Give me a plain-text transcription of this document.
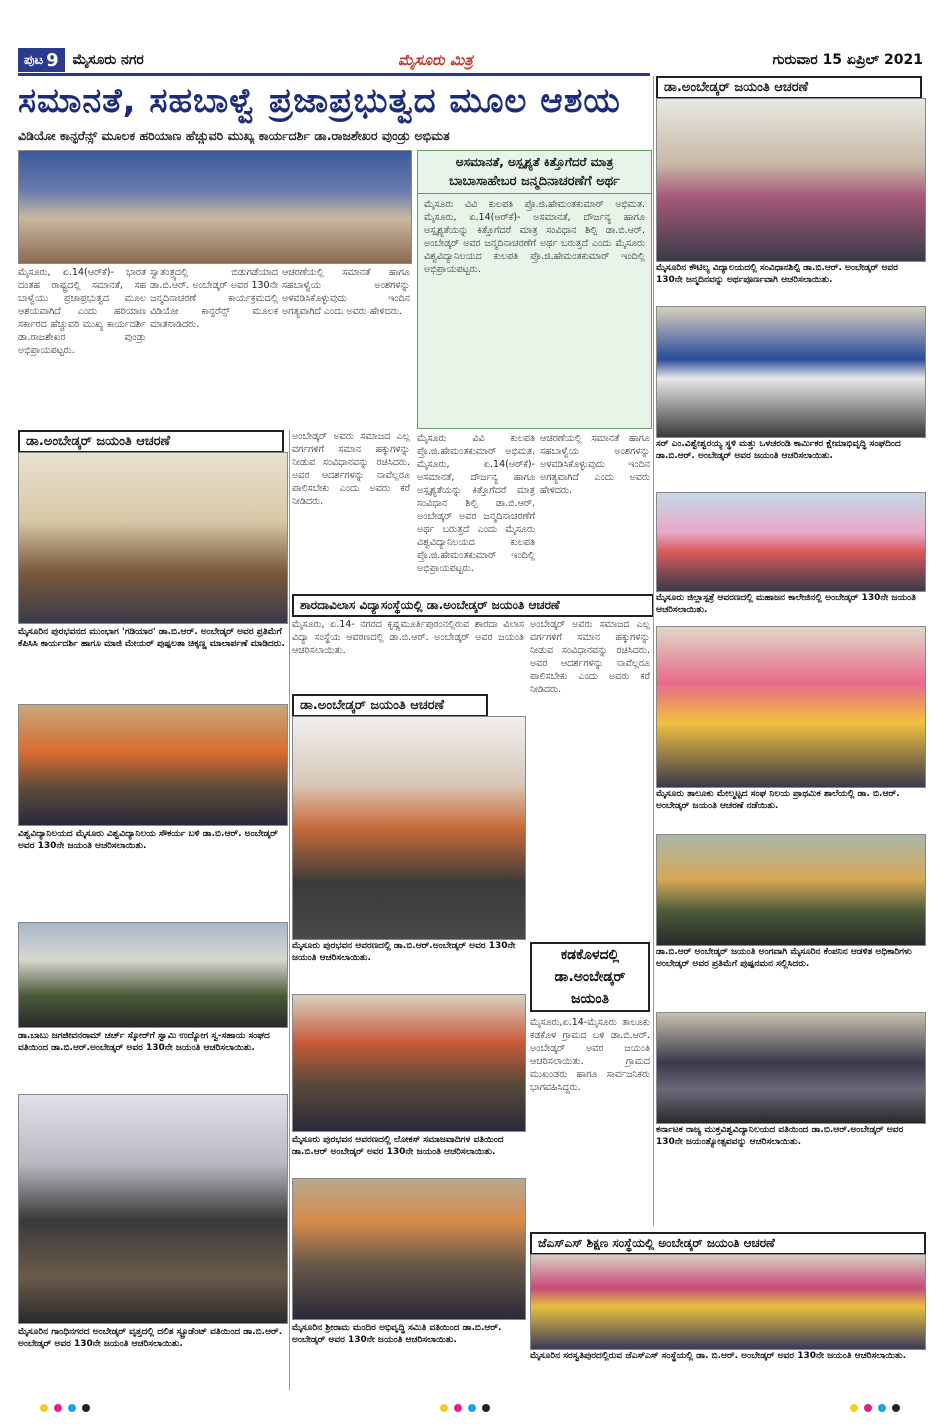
ಪುಟ 9 ಮೈಸೂರು ನಗರ	ಮೈಸೂರು ಮಿತ್ರ	ಗುರುವಾರ 15 ಏಪ್ರಿಲ್ 2021
ಸಮಾನತೆ, ಸಹಬಾಳ್ವೆ ಪ್ರಜಾಪ್ರಭುತ್ವದ ಮೂಲ ಆಶಯ
ವಿಡಿಯೋ ಕಾನ್ಫರೆನ್ಸ್ ಮೂಲಕ ಹರಿಯಾಣ ಹೆಚ್ಚುವರಿ ಮುಖ್ಯ ಕಾರ್ಯದರ್ಶಿ ಡಾ.ರಾಜಶೇಖರ ವುಂಡ್ರು ಅಭಿಮತ
ಮೈಸೂರು, ಏ.14(ಆರ್‌ಕೆ)- ಭಾರತ ದಂತಹ ರಾಷ್ಟ್ರದಲ್ಲಿ ಸಮಾನತೆ, ಸಹ ಬಾಳ್ವೆಯು ಪ್ರಜಾಪ್ರಭುತ್ವದ ಮೂಲ ಆಶಯವಾಗಿದೆ ಎಂದು ಹರಿಯಾಣ ಸರ್ಕಾರದ ಹೆಚ್ಚುವರಿ ಮುಖ್ಯ ಕಾರ್ಯದರ್ಶಿ ಡಾ.ರಾಜಶೇಖರ ವುಂಡ್ರು ಅಭಿಪ್ರಾಯಪಟ್ಟರು.
ಸ್ವಾತಂತ್ರ್ಯದಲ್ಲಿ ಬಿಡುಗಡೆಯಾದ ಡಾ.ಬಿ.ಆರ್. ಅಂಬೇಡ್ಕರ್ ಅವರ 130ನೇ ಜನ್ಮದಿನಾಚರಣೆ ಕಾರ್ಯಕ್ರಮದಲ್ಲಿ ವಿಡಿಯೋ ಕಾನ್ಫರೆನ್ಸ್ ಮೂಲಕ ಮಾತನಾಡಿದರು.
ಆಚರಣೆಯಲ್ಲಿ ಸಮಾನತೆ ಹಾಗೂ ಸಹಬಾಳ್ವೆಯ ಅಂಶಗಳನ್ನು ಅಳವಡಿಸಿಕೊಳ್ಳುವುದು ಇಂದಿನ ಅಗತ್ಯವಾಗಿದೆ ಎಂದು ಅವರು ಹೇಳಿದರು.
ಅಸಮಾನತೆ, ಅಸ್ಪೃಶ್ಯತೆ ಕಿತ್ತೊಗೆದರೆ ಮಾತ್ರ
ಬಾಬಾಸಾಹೇಬರ ಜನ್ಮದಿನಾಚರಣೆಗೆ ಅರ್ಥ
ಮೈಸೂರು ವಿವಿ ಕುಲಪತಿ ಪ್ರೊ.ಜಿ.ಹೇಮಂತಕುಮಾರ್ ಅಭಿಮತ. ಮೈಸೂರು, ಏ.14(ಆರ್‌ಕೆ)- ಅಸಮಾನತೆ, ದೌರ್ಜನ್ಯ ಹಾಗೂ ಅಸ್ಪೃಶ್ಯತೆಯನ್ನು ಕಿತ್ತೊಗೆದರೆ ಮಾತ್ರ ಸಂವಿಧಾನ ಶಿಲ್ಪಿ ಡಾ.ಬಿ.ಆರ್. ಅಂಬೇಡ್ಕರ್ ಅವರ ಜನ್ಮದಿನಾಚರಣೆಗೆ ಅರ್ಥ ಬರುತ್ತದೆ ಎಂದು ಮೈಸೂರು ವಿಶ್ವವಿದ್ಯಾನಿಲಯದ ಕುಲಪತಿ ಪ್ರೊ.ಜಿ.ಹೇಮಂತಕುಮಾರ್ ಇಂದಿಲ್ಲಿ ಅಭಿಪ್ರಾಯಪಟ್ಟರು.
ಡಾ.ಅಂಬೇಡ್ಕರ್ ಜಯಂತಿ ಆಚರಣೆ
ಮೈಸೂರಿನ ಪುರಭವನದ ಮುಂಭಾಗ 'ಗಡಿಯಾರ' ಡಾ.ಬಿ.ಆರ್. ಅಂಬೇಡ್ಕರ್ ಅವರ ಪ್ರತಿಮೆಗೆ ಕೆಪಿಸಿಸಿ ಕಾರ್ಯದರ್ಶಿ ಹಾಗೂ ಮಾಜಿ ಮೇಯರ್ ಪುಷ್ಪಲತಾ ಚಿಕ್ಕಣ್ಣ ಮಾಲಾರ್ಪಣೆ ಮಾಡಿದರು.
ವಿಶ್ವವಿದ್ಯಾನಿಲಯದ ಮೈಸೂರು ವಿಶ್ವವಿದ್ಯಾನಿಲಯ ಸೌಕರ್ಯ ಬಳಿ ಡಾ.ಬಿ.ಆರ್. ಅಂಬೇಡ್ಕರ್ ಅವರ 130ನೇ ಜಯಂತಿ ಆಚರಿಸಲಾಯಿತು.
ಡಾ.ಬಾಬು ಜಗಜೀವನರಾಮ್ ಚರ್ಚ್ ಸ್ಕೋರ್‌ಗೆ ಸ್ವಾಮಿ ಉದ್ಯೋಗ ಸ್ವ-ಸಹಾಯ ಸಂಘದ ವತಿಯಿಂದ ಡಾ.ಬಿ.ಆರ್.ಅಂಬೇಡ್ಕರ್ ಅವರ 130ನೇ ಜಯಂತಿ ಆಚರಿಸಲಾಯಿತು.
ಮೈಸೂರಿನ ಗಾಂಧಿನಗರದ ಅಂಬೇಡ್ಕರ್ ವೃತ್ತದಲ್ಲಿ ದಲಿತ ಸ್ಟ್ರೂಡೆಂಟ್ ವತಿಯಿಂದ ಡಾ.ಬಿ.ಆರ್. ಅಂಬೇಡ್ಕರ್ ಅವರ 130ನೇ ಜಯಂತಿ ಆಚರಿಸಲಾಯಿತು.
ಅಂಬೇಡ್ಕರ್ ಅವರು ಸಮಾಜದ ಎಲ್ಲ ವರ್ಗಗಳಿಗೆ ಸಮಾನ ಹಕ್ಕುಗಳನ್ನು ನೀಡುವ ಸಂವಿಧಾನವನ್ನು ರಚಿಸಿದರು. ಅವರ ಆದರ್ಶಗಳನ್ನು ನಾವೆಲ್ಲರೂ ಪಾಲಿಸಬೇಕು ಎಂದು ಅವರು ಕರೆ ನೀಡಿದರು.
ಮೈಸೂರು ವಿವಿ ಕುಲಪತಿ ಪ್ರೊ.ಜಿ.ಹೇಮಂತಕುಮಾರ್ ಅಭಿಮತ. ಮೈಸೂರು, ಏ.14(ಆರ್‌ಕೆ)- ಅಸಮಾನತೆ, ದೌರ್ಜನ್ಯ ಹಾಗೂ ಅಸ್ಪೃಶ್ಯತೆಯನ್ನು ಕಿತ್ತೊಗೆದರೆ ಮಾತ್ರ ಸಂವಿಧಾನ ಶಿಲ್ಪಿ ಡಾ.ಬಿ.ಆರ್. ಅಂಬೇಡ್ಕರ್ ಅವರ ಜನ್ಮದಿನಾಚರಣೆಗೆ ಅರ್ಥ ಬರುತ್ತದೆ ಎಂದು ಮೈಸೂರು ವಿಶ್ವವಿದ್ಯಾನಿಲಯದ ಕುಲಪತಿ ಪ್ರೊ.ಜಿ.ಹೇಮಂತಕುಮಾರ್ ಇಂದಿಲ್ಲಿ ಅಭಿಪ್ರಾಯಪಟ್ಟರು.
ಆಚರಣೆಯಲ್ಲಿ ಸಮಾನತೆ ಹಾಗೂ ಸಹಬಾಳ್ವೆಯ ಅಂಶಗಳನ್ನು ಅಳವಡಿಸಿಕೊಳ್ಳುವುದು ಇಂದಿನ ಅಗತ್ಯವಾಗಿದೆ ಎಂದು ಅವರು ಹೇಳಿದರು.
ಶಾರದಾವಿಲಾಸ ವಿದ್ಯಾಸಂಸ್ಥೆಯಲ್ಲಿ ಡಾ.ಅಂಬೇಡ್ಕರ್ ಜಯಂತಿ ಆಚರಣೆ
ಮೈಸೂರು, ಏ.14- ನಗರದ ಕೃಷ್ಣಮೂರ್ತಿಪುರಂನಲ್ಲಿರುವ ಶಾರದಾ ವಿಲಾಸ ವಿದ್ಯಾ ಸಂಸ್ಥೆಯ ಆವರಣದಲ್ಲಿ ಡಾ.ಬಿ.ಆರ್. ಅಂಬೇಡ್ಕರ್ ಅವರ ಜಯಂತಿ ಆಚರಿಸಲಾಯಿತು.
ಅಂಬೇಡ್ಕರ್ ಅವರು ಸಮಾಜದ ಎಲ್ಲ ವರ್ಗಗಳಿಗೆ ಸಮಾನ ಹಕ್ಕುಗಳನ್ನು ನೀಡುವ ಸಂವಿಧಾನವನ್ನು ರಚಿಸಿದರು. ಅವರ ಆದರ್ಶಗಳನ್ನು ನಾವೆಲ್ಲರೂ ಪಾಲಿಸಬೇಕು ಎಂದು ಅವರು ಕರೆ ನೀಡಿದರು.
ಡಾ.ಅಂಬೇಡ್ಕರ್ ಜಯಂತಿ ಆಚರಣೆ
ಮೈಸೂರು ಪುರಭವನ ಆವರಣದಲ್ಲಿ ಡಾ.ಬಿ.ಆರ್.ಅಂಬೇಡ್ಕರ್ ಅವರ 130ನೇ ಜಯಂತಿ ಆಚರಿಸಲಾಯಿತು.
ಮೈಸೂರು ಪುರಭವನ ಆವರಣದಲ್ಲಿ ಲೋಕಸ್ ಸಮಾಜವಾದಿಗಳ ವತಿಯಿಂದ ಡಾ.ಬಿ.ಆರ್ ಅಂಬೇಡ್ಕರ್ ಅವರ 130ನೇ ಜಯಂತಿ ಆಚರಿಸಲಾಯಿತು.
ಮೈಸೂರಿನ ಶ್ರೀರಾಮ ಮಂದಿರ ಅಭಿವೃದ್ಧಿ ಸಮಿತಿ ವತಿಯಿಂದ ಡಾ.ಬಿ.ಆರ್. ಅಂಬೇಡ್ಕರ್ ಅವರ 130ನೇ ಜಯಂತಿ ಆಚರಿಸಲಾಯಿತು.
ಕಡಕೊಳದಲ್ಲಿ ಡಾ.ಅಂಬೇಡ್ಕರ್ ಜಯಂತಿ
ಮೈಸೂರು,ಏ.14-ಮೈಸೂರು ತಾಲೂಕು ಕಡಕೊಳ ಗ್ರಾಮದ ಬಳಿ ಡಾ.ಬಿ.ಆರ್. ಅಂಬೇಡ್ಕರ್ ಅವರ ಜಯಂತಿ ಆಚರಿಸಲಾಯಿತು. ಗ್ರಾಮದ ಮುಖಂಡರು ಹಾಗೂ ಸಾರ್ವಜನಿಕರು ಭಾಗವಹಿಸಿದ್ದರು.
ಡಾ.ಅಂಬೇಡ್ಕರ್ ಜಯಂತಿ ಆಚರಣೆ
ಮೈಸೂರಿನ ಕೌಟಿಲ್ಯ ವಿದ್ಯಾಲಯದಲ್ಲಿ ಸಂವಿಧಾನಶಿಲ್ಪಿ ಡಾ.ಬಿ.ಆರ್. ಅಂಬೇಡ್ಕರ್ ಅವರ 130ನೇ ಜನ್ಮದಿನವನ್ನು ಅರ್ಥಪೂರ್ಣವಾಗಿ ಆಚರಿಸಲಾಯಿತು.
ಸರ್ ಎಂ.ವಿಶ್ವೇಶ್ವರಯ್ಯ ಸ್ಥಳಿ ಮತ್ತು ಒಳಚರಂಡಿ ಕಾರ್ಮಿಕರ ಕ್ಷೇಮಾಭಿವೃದ್ಧಿ ಸಂಘದಿಂದ ಡಾ.ಬಿ.ಆರ್. ಅಂಬೇಡ್ಕರ್ ಅವರ ಜಯಂತಿ ಆಚರಿಸಲಾಯಿತು.
ಮೈಸೂರು ಜಿಲ್ಲಾಸ್ಪತ್ರೆ ಆವರಣದಲ್ಲಿ ಮಹಾಜನ ಕಾಲೇಜಿನಲ್ಲಿ ಅಂಬೇಡ್ಕರ್ 130ನೇ ಜಯಂತಿ ಆಚರಿಸಲಾಯಿತು.
ಮೈಸೂರು ತಾಲೂಕು ಮೇಲ್ಮಟ್ಟದ ಸಂಘ ನಿಲಯ ಪ್ರಾಥಮಿಕ ಶಾಲೆಯಲ್ಲಿ ಡಾ. ಬಿ.ಆರ್. ಅಂಬೇಡ್ಕರ್ ಜಯಂತಿ ಆಚರಣೆ ನಡೆಯಿತು.
ಡಾ.ಬಿ.ಆರ್ ಅಂಬೇಡ್ಕರ್ ಜಯಂತಿ ಅಂಗವಾಗಿ ಮೈಸೂರಿನ ಕೆಂಪನಿನ ಆಡಳಿತ ಅಧಿಕಾರಿಗಳು ಅಂಬೇಡ್ಕರ್ ಅವರ ಪ್ರತಿಮೆಗೆ ಪುಷ್ಪನಮನ ಸಲ್ಲಿಸಿದರು.
ಕರ್ನಾಟಕ ರಾಜ್ಯ ಮುಕ್ತವಿಶ್ವವಿದ್ಯಾನಿಲಯದ ವತಿಯಿಂದ ಡಾ.ಬಿ.ಆರ್.ಅಂಬೇಡ್ಕರ್ ಅವರ 130ನೇ ಜಯಂತ್ಯೋತ್ಸವವನ್ನು ಆಚರಿಸಲಾಯಿತು.
ಜೆಎಸ್‌ಎಸ್ ಶಿಕ್ಷಣ ಸಂಸ್ಥೆಯಲ್ಲಿ ಅಂಬೇಡ್ಕರ್ ಜಯಂತಿ ಆಚರಣೆ
ಮೈಸೂರಿನ ಸರಸ್ವತಿಪುರದಲ್ಲಿರುವ ಜೆಎಸ್‌ಎಸ್ ಸಂಸ್ಥೆಯಲ್ಲಿ ಡಾ. ಬಿ.ಆರ್. ಅಂಬೇಡ್ಕರ್ ಅವರ 130ನೇ ಜಯಂತಿ ಆಚರಿಸಲಾಯಿತು.
